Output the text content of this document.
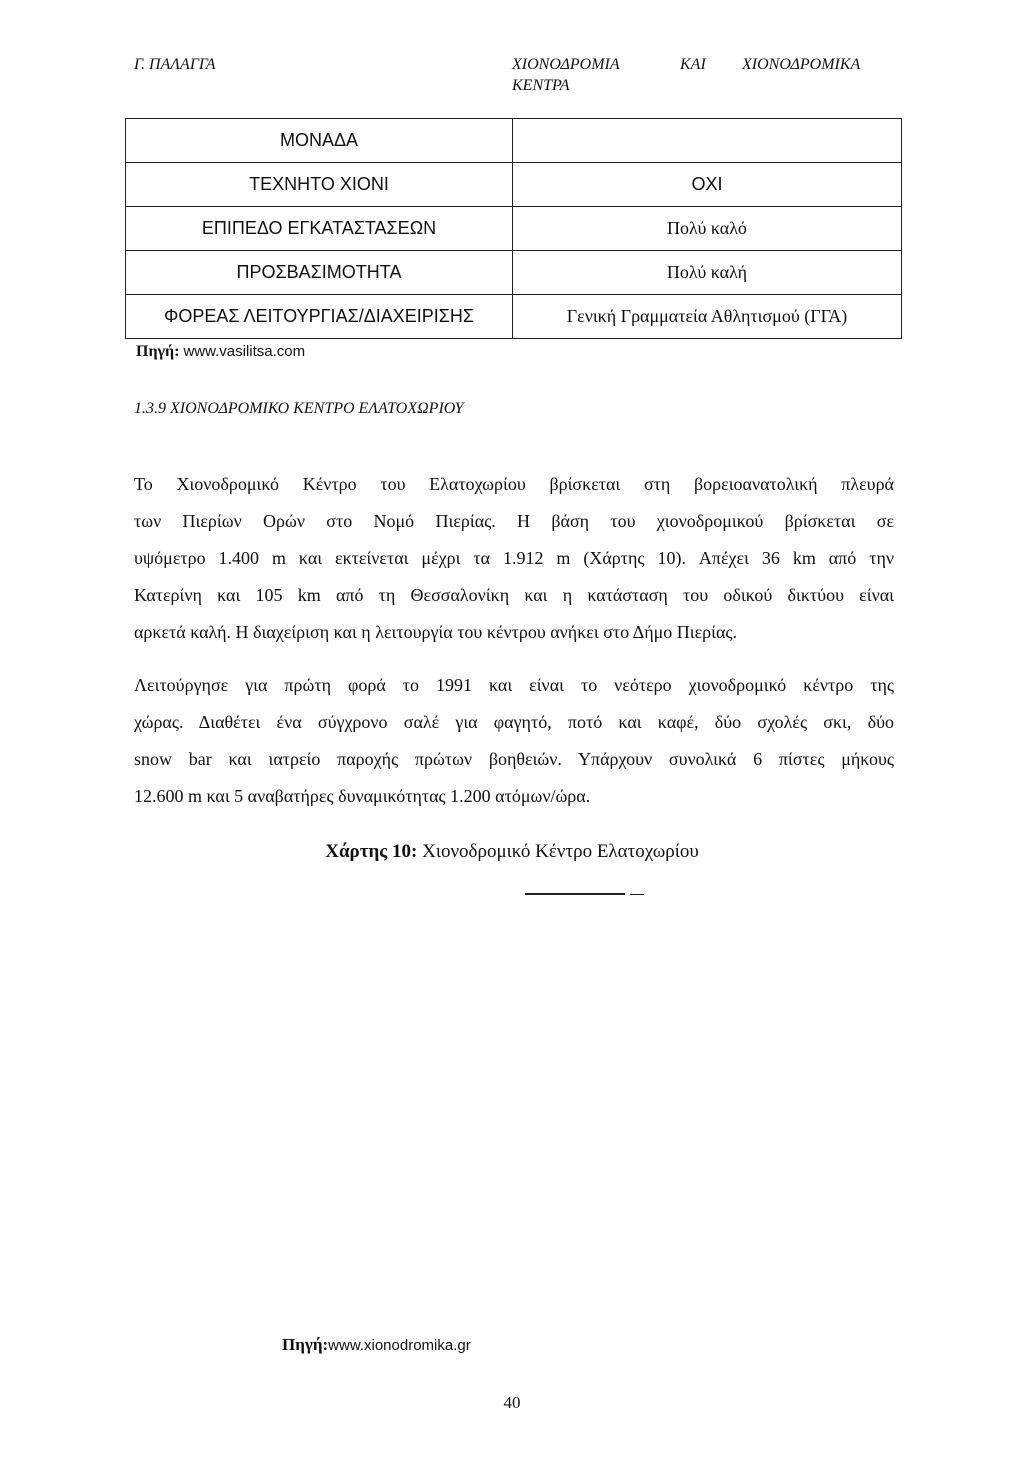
Γ. ΠΑΛΑΓΓΑ	ΧΙΟΝΟΔΡΟΜΙΑ	ΚΑΙ ΧΙΟΝΟΔΡΟΜΙΚΑ
ΚΕΝΤΡΑ
ΜΟΝΑΔΑ	
ΤΕΧΝΗΤΟ ΧΙΟΝΙ	ΟΧΙ
ΕΠΙΠΕΔΟ ΕΓΚΑΤΑΣΤΑΣΕΩΝ	Πολύ καλό
ΠΡΟΣΒΑΣΙΜΟΤΗΤΑ	Πολύ καλή
ΦΟΡΕΑΣ ΛΕΙΤΟΥΡΓΙΑΣ/ΔΙΑΧΕΙΡΙΣΗΣ	Γενική Γραμματεία Αθλητισμού (ΓΓΑ)
Πηγή: www.vasilitsa.com
1.3.9 ΧΙΟΝΟΔΡΟΜΙΚΟ ΚΕΝΤΡΟ ΕΛΑΤΟΧΩΡΙΟΥ
Το Χιονοδρομικό Κέντρο του Ελατοχωρίου βρίσκεται στη βορειοανατολική πλευρά
των Πιερίων Ορών στο Νομό Πιερίας. Η βάση του χιονοδρομικού βρίσκεται σε
υψόμετρο 1.400 m και εκτείνεται μέχρι τα 1.912 m (Χάρτης 10). Απέχει 36 km από την
Κατερίνη και 105 km από τη Θεσσαλονίκη και η κατάσταση του οδικού δικτύου είναι
αρκετά καλή. Η διαχείριση και η λειτουργία του κέντρου ανήκει στο Δήμο Πιερίας.
Λειτούργησε για πρώτη φορά το 1991 και είναι το νεότερο χιονοδρομικό κέντρο της
χώρας. Διαθέτει ένα σύγχρονο σαλέ για φαγητό, ποτό και καφέ, δύο σχολές σκι, δύο
snow bar και ιατρείο παροχής πρώτων βοηθειών. Υπάρχουν συνολικά 6 πίστες μήκους
12.600 m και 5 αναβατήρες δυναμικότητας 1.200 ατόμων/ώρα.
Χάρτης 10: Χιονοδρομικό Κέντρο Ελατοχωρίου
Πηγή:www.xionodromika.gr
40
